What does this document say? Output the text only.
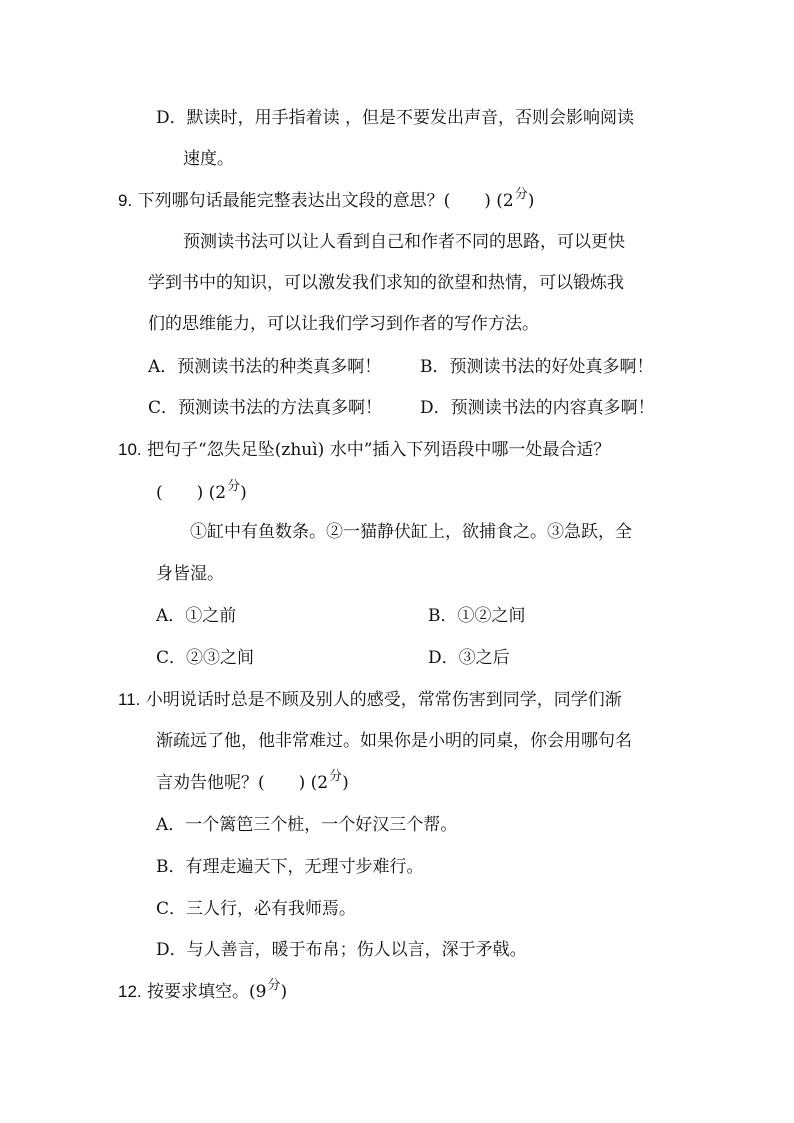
D．默读时，用手指着读 ，但是不要发出声音，否则会影响阅读
速度。
9. 下列哪句话最能完整表达出文段的意思？(　　) (2分)
预测读书法可以让人看到自己和作者不同的思路，可以更快
学到书中的知识，可以激发我们求知的欲望和热情，可以锻炼我
们的思维能力，可以让我们学习到作者的写作方法。
A．预测读书法的种类真多啊！ B．预测读书法的好处真多啊！
C．预测读书法的方法真多啊！ D．预测读书法的内容真多啊！
10. 把句子“忽失足坠(zhuì) 水中”插入下列语段中哪一处最合适？
(　　) (2分)
①缸中有鱼数条。②一猫静伏缸上，欲捕食之。③急跃，全
身皆湿。
A．①之前	B．①②之间
C．②③之间	D．③之后
11. 小明说话时总是不顾及别人的感受，常常伤害到同学，同学们渐
渐疏远了他，他非常难过。如果你是小明的同桌，你会用哪句名
言劝告他呢？(　　) (2分)
A．一个篱笆三个桩，一个好汉三个帮。
B．有理走遍天下，无理寸步难行。
C．三人行，必有我师焉。
D．与人善言，暖于布帛；伤人以言，深于矛戟。
12. 按要求填空。(9分)
